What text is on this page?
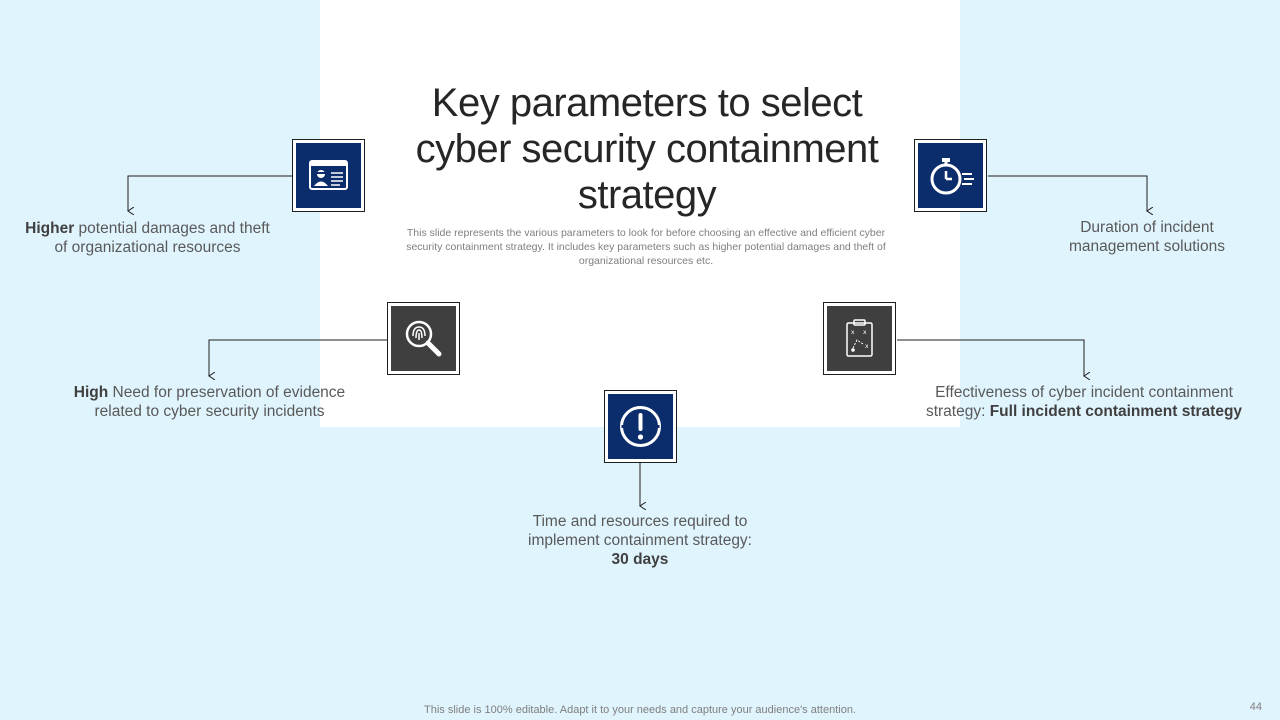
Key parameters to select cyber security containment strategy
This slide represents the various parameters to look for before choosing an effective and efficient cyber security containment strategy. It includes key parameters such as higher potential damages and theft of organizational resources etc.
Higher potential damages and theft of organizational resources
High Need for preservation of evidence related to cyber security incidents
Time and resources required to implement containment strategy:
30 days
x x
x
Effectiveness of cyber incident containment strategy: Full incident containment strategy
Duration of incident management solutions
This slide is 100% editable. Adapt it to your needs and capture your audience's attention.	44
